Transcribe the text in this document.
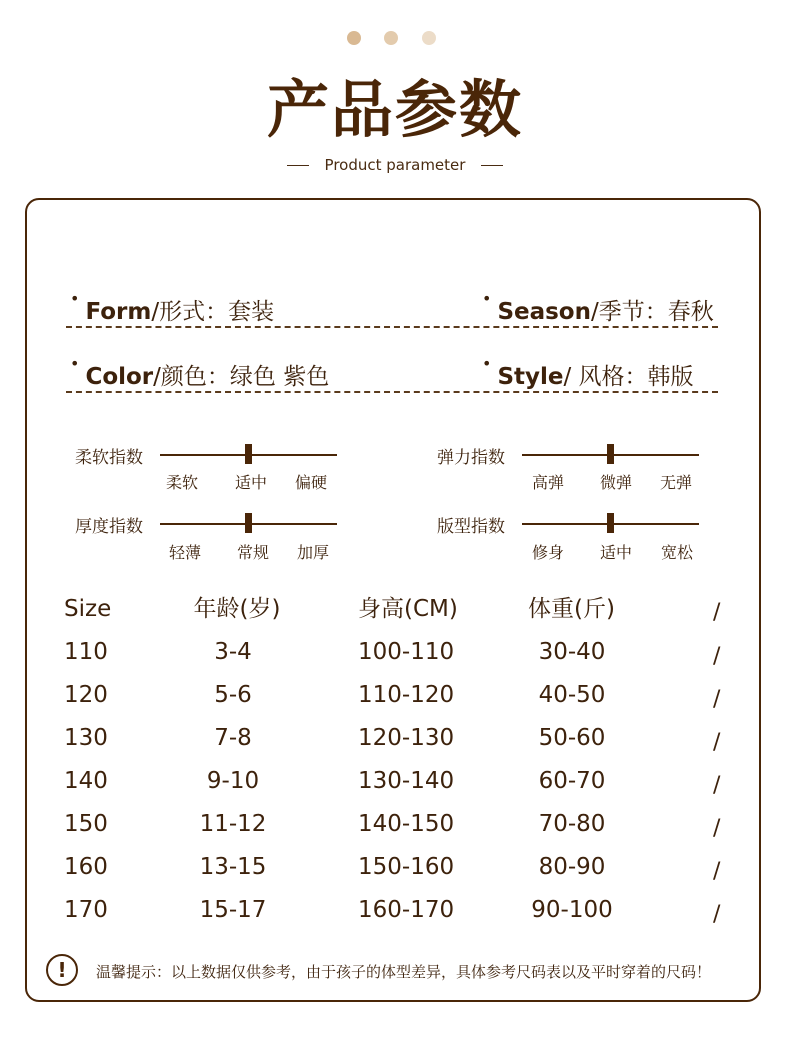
产品参数
Product parameter
•
Form /形式：套装
•
Season /季节：春秋
•
Color /颜色：绿色 紫色
•
Style / 风格：韩版
柔软指数
柔软 适中 偏硬
弹力指数
高弹 微弹 无弹
厚度指数
轻薄 常规 加厚
版型指数
修身 适中 宽松
Size	年龄(岁)	身高(CM)	体重(斤)	/
110	3-4	100-110	30-40	/
120	5-6	110-120	40-50	/
130	7-8	120-130	50-60	/
140	9-10	130-140	60-70	/
150	11-12	140-150	70-80	/
160	13-15	150-160	80-90	/
170	15-17	160-170	90-100	/
!	温馨提示：以上数据仅供参考，由于孩子的体型差异，具体参考尺码表以及平时穿着的尺码！
